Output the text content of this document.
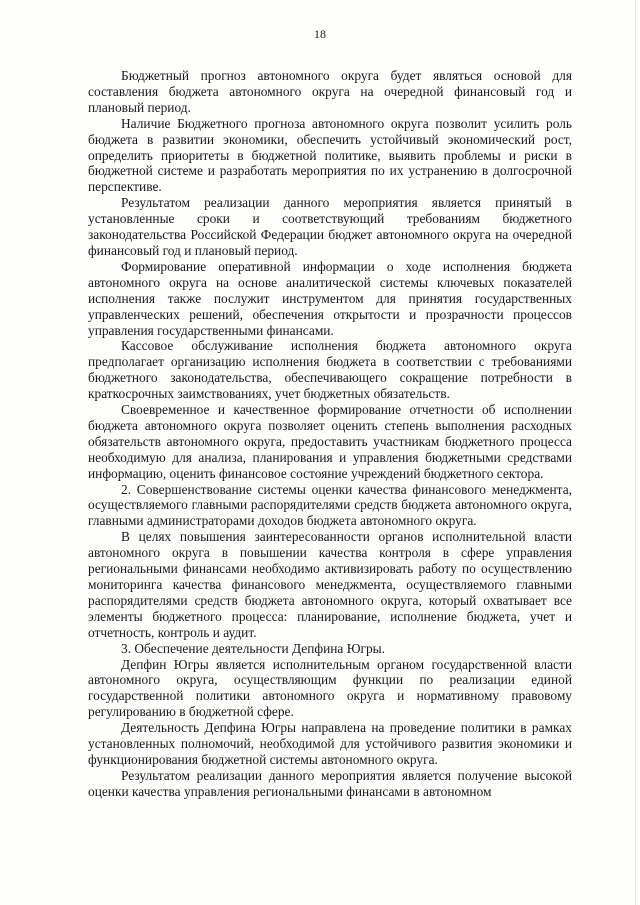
18

Бюджетный прогноз автономного округа будет являться основой для составления бюджета автономного округа на очередной финансовый год и плановый период.

Наличие Бюджетного прогноза автономного округа позволит усилить роль бюджета в развитии экономики, обеспечить устойчивый экономический рост, определить приоритеты в бюджетной политике, выявить проблемы и риски в бюджетной системе и разработать мероприятия по их устранению в долгосрочной перспективе.

Результатом реализации данного мероприятия является принятый в установленные сроки и соответствующий требованиям бюджетного законодательства Российской Федерации бюджет автономного округа на очередной финансовый год и плановый период.

Формирование оперативной информации о ходе исполнения бюджета автономного округа на основе аналитической системы ключевых показателей исполнения также послужит инструментом для принятия государственных управленческих решений, обеспечения открытости и прозрачности процессов управления государственными финансами.

Кассовое обслуживание исполнения бюджета автономного округа предполагает организацию исполнения бюджета в соответствии с требованиями бюджетного законодательства, обеспечивающего сокращение потребности в краткосрочных заимствованиях, учет бюджетных обязательств.

Своевременное и качественное формирование отчетности об исполнении бюджета автономного округа позволяет оценить степень выполнения расходных обязательств автономного округа, предоставить участникам бюджетного процесса необходимую для анализа, планирования и управления бюджетными средствами информацию, оценить финансовое состояние учреждений бюджетного сектора.

2. Совершенствование системы оценки качества финансового менеджмента, осуществляемого главными распорядителями средств бюджета автономного округа, главными администраторами доходов бюджета автономного округа.

В целях повышения заинтересованности органов исполнительной власти автономного округа в повышении качества контроля в сфере управления региональными финансами необходимо активизировать работу по осуществлению мониторинга качества финансового менеджмента, осуществляемого главными распорядителями средств бюджета автономного округа, который охватывает все элементы бюджетного процесса: планирование, исполнение бюджета, учет и отчетность, контроль и аудит.

3. Обеспечение деятельности Депфина Югры.

Депфин Югры является исполнительным органом государственной власти автономного округа, осуществляющим функции по реализации единой государственной политики автономного округа и нормативному правовому регулированию в бюджетной сфере.

Деятельность Депфина Югры направлена на проведение политики в рамках установленных полномочий, необходимой для устойчивого развития экономики и функционирования бюджетной системы автономного округа.

Результатом реализации данного мероприятия является получение высокой оценки качества управления региональными финансами в автономном
